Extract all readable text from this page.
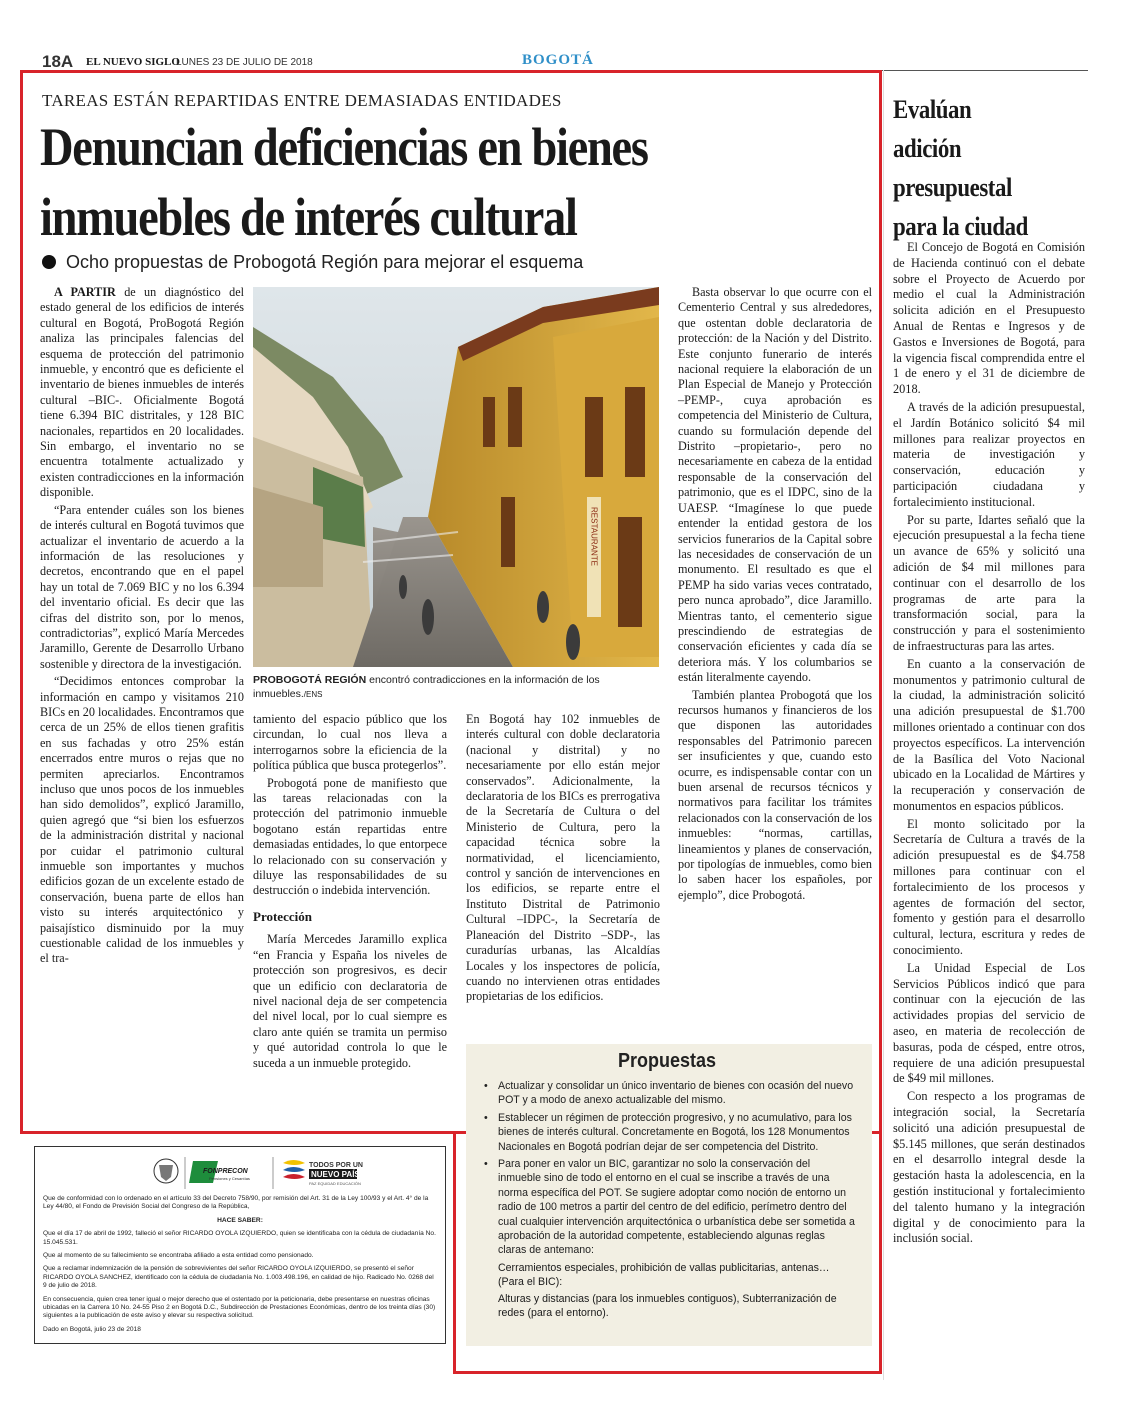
18A EL NUEVO SIGLO
LUNES 23 DE JULIO DE 2018	BOGOTÁ
TAREAS ESTÁN REPARTIDAS ENTRE DEMASIADAS ENTIDADES
Denuncian deficiencias en bienes
inmuebles de interés cultural
Ocho propuestas de Probogotá Región para mejorar el esquema

A PARTIR de un diagnóstico del estado general de los edificios de interés cultural en Bogotá, ProBogotá Región analiza las principales falencias del esquema de protección del patrimonio inmueble, y encontró que es deficiente el inventario de bienes inmuebles de interés cultural –BIC-. Oficialmente Bogotá tiene 6.394 BIC distritales, y 128 BIC nacionales, repartidos en 20 localidades. Sin embargo, el inventario no se encuentra totalmente actualizado y existen contradicciones en la información disponible.

“Para entender cuáles son los bienes de interés cultural en Bogotá tuvimos que actualizar el inventario de acuerdo a la información de las resoluciones y decretos, encontrando que en el papel hay un total de 7.069 BIC y no los 6.394 del inventario oficial. Es decir que las cifras del distrito son, por lo menos, contradictorias”, explicó María Mercedes Jaramillo, Gerente de Desarrollo Urbano sostenible y directora de la investigación.

“Decidimos entonces comprobar la información en campo y visitamos 210 BICs en 20 localidades. Encontramos que cerca de un 25% de ellos tienen grafitis en sus fachadas y otro 25% están encerrados entre muros o rejas que no permiten apreciarlos. Encontramos incluso que unos pocos de los inmuebles han sido demolidos”, explicó Jaramillo, quien agregó que “si bien los esfuerzos de la administración distrital y nacional por cuidar el patrimonio cultural inmueble son importantes y muchos edificios gozan de un excelente estado de conservación, buena parte de ellos han visto su interés arquitectónico y paisajístico disminuido por la muy cuestionable calidad de los inmuebles y el tra-

RESTAURANTE
PROBOGOTÁ REGIÓN encontró contradicciones en la información de los inmuebles./ENS

tamiento del espacio público que los circundan, lo cual nos lleva a interrogarnos sobre la eficiencia de la política pública que busca protegerlos”.

Probogotá pone de manifiesto que las tareas relacionadas con la protección del patrimonio inmueble bogotano están repartidas entre demasiadas entidades, lo que entorpece lo relacionado con su conservación y diluye las responsabilidades de su destrucción o indebida intervención.

Protección

María Mercedes Jaramillo explica “en Francia y España los niveles de protección son progresivos, es decir que un edificio con declaratoria de nivel nacional deja de ser competencia del nivel local, por lo cual siempre es claro ante quién se tramita un permiso y qué autoridad controla lo que le suceda a un inmueble protegido.

En Bogotá hay 102 inmuebles de interés cultural con doble declaratoria (nacional y distrital) y no necesariamente por ello están mejor conservados”. Adicionalmente, la declaratoria de los BICs es prerrogativa de la Secretaría de Cultura o del Ministerio de Cultura, pero la capacidad técnica sobre la normatividad, el licenciamiento, control y sanción de intervenciones en los edificios, se reparte entre el Instituto Distrital de Patrimonio Cultural –IDPC-, la Secretaría de Planeación del Distrito –SDP-, las curadurías urbanas, las Alcaldías Locales y los inspectores de policía, cuando no intervienen otras entidades propietarias de los edificios.

Basta observar lo que ocurre con el Cementerio Central y sus alrededores, que ostentan doble declaratoria de protección: de la Nación y del Distrito. Este conjunto funerario de interés nacional requiere la elaboración de un Plan Especial de Manejo y Protección –PEMP-, cuya aprobación es competencia del Ministerio de Cultura, cuando su formulación depende del Distrito –propietario-, pero no necesariamente en cabeza de la entidad responsable de la conservación del patrimonio, que es el IDPC, sino de la UAESP. “Imagínese lo que puede entender la entidad gestora de los servicios funerarios de la Capital sobre las necesidades de conservación de un monumento. El resultado es que el PEMP ha sido varias veces contratado, pero nunca aprobado”, dice Jaramillo. Mientras tanto, el cementerio sigue prescindiendo de estrategias de conservación eficientes y cada día se deteriora más. Y los columbarios se están literalmente cayendo.

También plantea Probogotá que los recursos humanos y financieros de los que disponen las autoridades responsables del Patrimonio parecen ser insuficientes y que, cuando esto ocurre, es indispensable contar con un buen arsenal de recursos técnicos y normativos para facilitar los trámites relacionados con la conservación de los inmuebles: “normas, cartillas, lineamientos y planes de conservación, por tipologías de inmuebles, como bien lo saben hacer los españoles, por ejemplo”, dice Probogotá.

Propuestas
• Actualizar y consolidar un único inventario de bienes con ocasión del nuevo POT y a modo de anexo actualizable del mismo.
• Establecer un régimen de protección progresivo, y no acumulativo, para los bienes de interés cultural. Concretamente en Bogotá, los 128 Monumentos Nacionales en Bogotá podrían dejar de ser competencia del Distrito.
• Para poner en valor un BIC, garantizar no solo la conservación del inmueble sino de todo el entorno en el cual se inscribe a través de una norma específica del POT. Se sugiere adoptar como noción de entorno un radio de 100 metros a partir del centro de del edificio, perímetro dentro del cual cualquier intervención arquitectónica o urbanística debe ser sometida a aprobación de la autoridad competente, estableciendo algunas reglas claras de antemano:
Cerramientos especiales, prohibición de vallas publicitarias, antenas… (Para el BIC):
Alturas y distancias (para los inmuebles contiguos), Subterranización de redes (para el entorno).
FONPRECON
Pensiones y Cesantías
TODOS POR UN
NUEVO PAÍS
PAZ EQUIDAD EDUCACIÓN

Que de conformidad con lo ordenado en el artículo 33 del Decreto 758/90, por remisión del Art. 31 de la Ley 100/93 y el Art. 4° de la Ley 44/80, el Fondo de Previsión Social del Congreso de la República,

HACE SABER:

Que el día 17 de abril de 1992, falleció el señor RICARDO OYOLA IZQUIERDO, quien se identificaba con la cédula de ciudadanía No. 15.045.531.

Que al momento de su fallecimiento se encontraba afiliado a esta entidad como pensionado.

Que a reclamar indemnización de la pensión de sobrevivientes del señor RICARDO OYOLA IZQUIERDO, se presentó el señor RICARDO OYOLA SANCHEZ, identificado con la cédula de ciudadanía No. 1.003.498.196, en calidad de hijo. Radicado No. 0268 del 9 de julio de 2018.

En consecuencia, quien crea tener igual o mejor derecho que el ostentado por la peticionaria, debe presentarse en nuestras oficinas ubicadas en la Carrera 10 No. 24-55 Piso 2 en Bogotá D.C., Subdirección de Prestaciones Económicas, dentro de los treinta días (30) siguientes a la publicación de este aviso y elevar su respectiva solicitud.

Dado en Bogotá, julio 23 de 2018

Evalúan
adición
presupuestal
para la ciudad

El Concejo de Bogotá en Comisión de Hacienda continuó con el debate sobre el Proyecto de Acuerdo por medio el cual la Administración solicita adición en el Presupuesto Anual de Rentas e Ingresos y de Gastos e Inversiones de Bogotá, para la vigencia fiscal comprendida entre el 1 de enero y el 31 de diciembre de 2018.

A través de la adición presupuestal, el Jardín Botánico solicitó $4 mil millones para realizar proyectos en materia de investigación y conservación, educación y participación ciudadana y fortalecimiento institucional.

Por su parte, Idartes señaló que la ejecución presupuestal a la fecha tiene un avance de 65% y solicitó una adición de $4 mil millones para continuar con el desarrollo de los programas de arte para la transformación social, para la construcción y para el sostenimiento de infraestructuras para las artes.

En cuanto a la conservación de monumentos y patrimonio cultural de la ciudad, la administración solicitó una adición presupuestal de $1.700 millones orientado a continuar con dos proyectos específicos. La intervención de la Basílica del Voto Nacional ubicado en la Localidad de Mártires y la recuperación y conservación de monumentos en espacios públicos.

El monto solicitado por la Secretaría de Cultura a través de la adición presupuestal es de $4.758 millones para continuar con el fortalecimiento de los procesos y agentes de formación del sector, fomento y gestión para el desarrollo cultural, lectura, escritura y redes de conocimiento.

La Unidad Especial de Los Servicios Públicos indicó que para continuar con la ejecución de las actividades propias del servicio de aseo, en materia de recolección de basuras, poda de césped, entre otros, requiere de una adición presupuestal de $49 mil millones.

Con respecto a los programas de integración social, la Secretaría solicitó una adición presupuestal de $5.145 millones, que serán destinados en el desarrollo integral desde la gestación hasta la adolescencia, en la gestión institucional y fortalecimiento del talento humano y la integración digital y de conocimiento para la inclusión social.
